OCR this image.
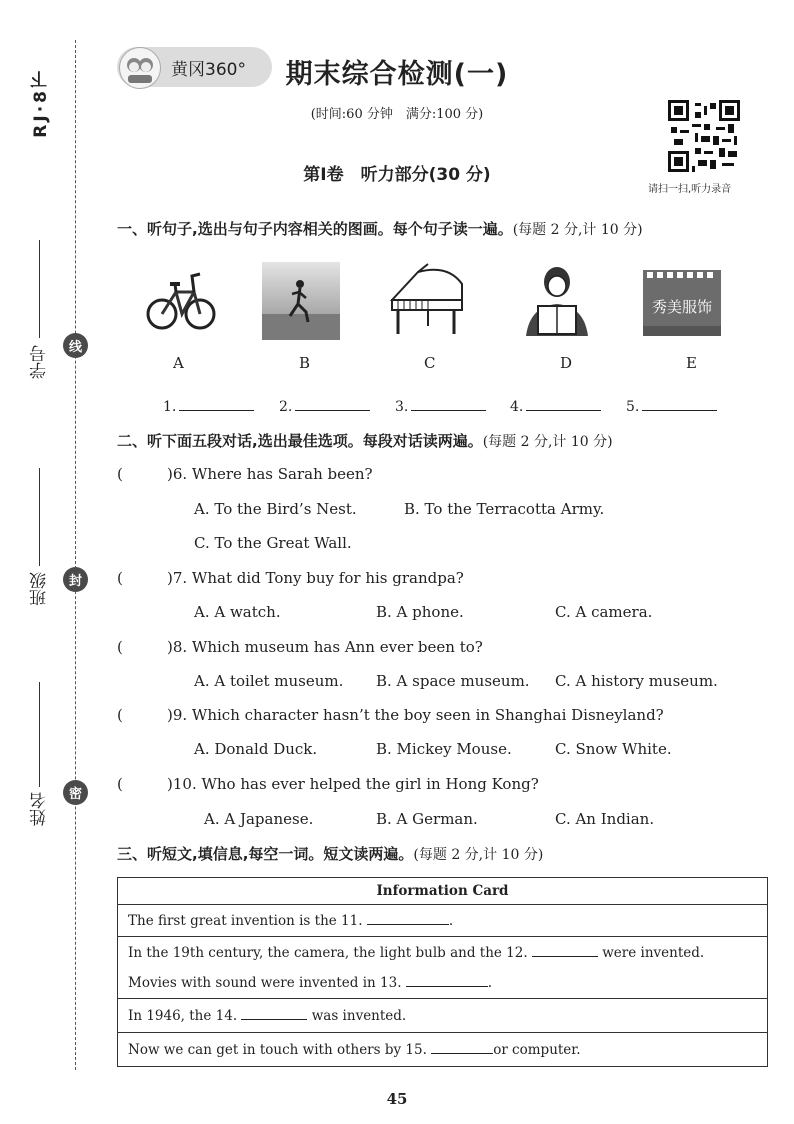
RJ·8下
学号
班级
姓名
线
封
密
黄冈360°	期末综合检测(一)
(时间:60 分钟　满分:100 分)
第Ⅰ卷　听力部分(30 分)
请扫一扫,听力录音
一、听句子,选出与句子内容相关的图画。每个句子读一遍。(每题 2 分,计 10 分)
秀美服饰
A	B	C	D	E
1.	2.	3.	4.	5.
二、听下面五段对话,选出最佳选项。每段对话读两遍。(每题 2 分,计 10 分)
(	)6. Where has Sarah been?
A. To the Bird’s Nest.	B. To the Terracotta Army.
C. To the Great Wall.
(	)7. What did Tony buy for his grandpa?
A. A watch.	B. A phone.	C. A camera.
(	)8. Which museum has Ann ever been to?
A. A toilet museum. B. A space museum. C. A history museum.
(	)9. Which character hasn’t the boy seen in Shanghai Disneyland?
A. Donald Duck.	B. Mickey Mouse.	C. Snow White.
(	)10. Who has ever helped the girl in Hong Kong?
A. A Japanese.	B. A German.	C. An Indian.
三、听短文,填信息,每空一词。短文读两遍。(每题 2 分,计 10 分)
Information Card
The first great invention is the 11.	.
In the 19th century, the camera, the light bulb and the 12.	were invented.
Movies with sound were invented in 13.	.
In 1946, the 14.	was invented.
Now we can get in touch with others by 15.	or computer.
45
